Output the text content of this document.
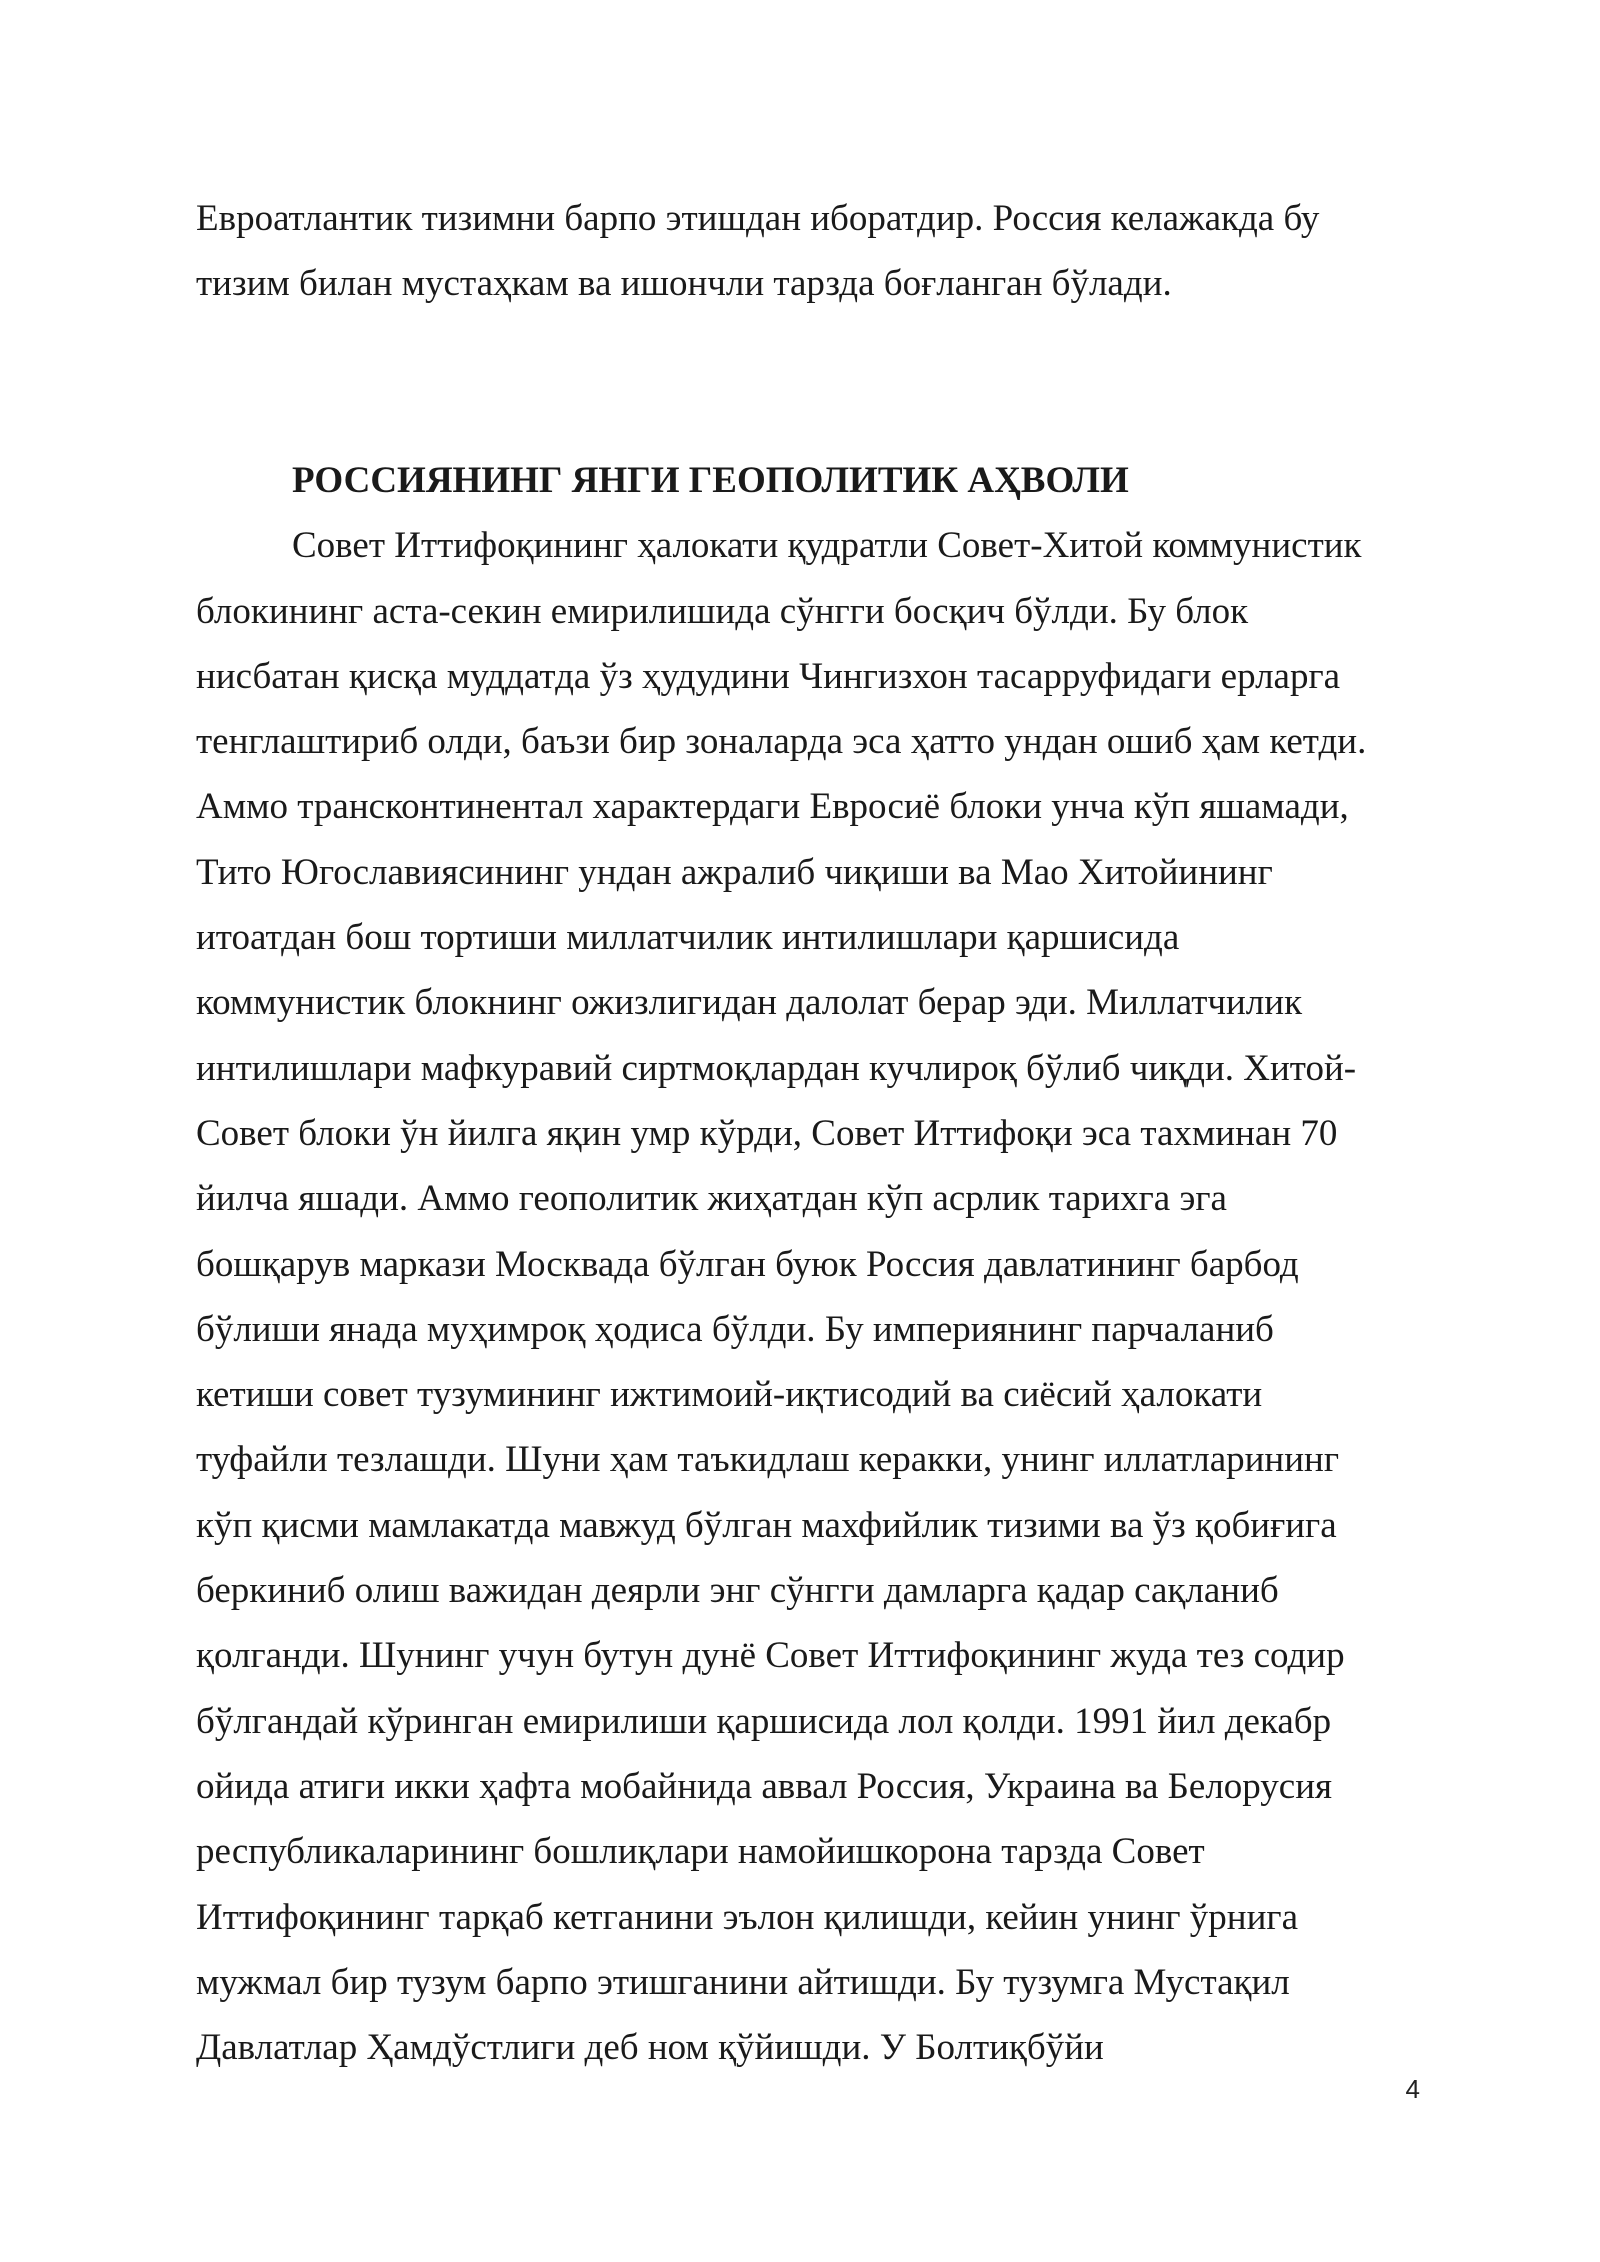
Евроатлантик тизимни барпо этишдан иборатдир. Россия келажакда бу
тизим билан мустаҳкам ва ишончли тарзда боғланган бўлади.
РОССИЯНИНГ ЯНГИ ГЕОПОЛИТИК АҲВОЛИ
Совет Иттифоқининг ҳалокати қудратли Совет-Хитой коммунистик
блокининг аста-секин емирилишида сўнгги босқич бўлди. Бу блок
нисбатан қисқа муддатда ўз ҳудудини Чингизхон тасарруфидаги ерларга
тенглаштириб олди, баъзи бир зоналарда эса ҳатто ундан ошиб ҳам кетди.
Аммо трансконтинентал характердаги Евросиё блоки унча кўп яшамади,
Тито Югославиясининг ундан ажралиб чиқиши ва Мао Хитойининг
итоатдан бош тортиши миллатчилик интилишлари қаршисида
коммунистик блокнинг ожизлигидан далолат берар эди. Миллатчилик
интилишлари мафкуравий сиртмоқлардан кучлироқ бўлиб чиқди. Хитой-
Совет блоки ўн йилга яқин умр кўрди, Совет Иттифоқи эса тахминан 70
йилча яшади. Аммо геополитик жиҳатдан кўп асрлик тарихга эга
бошқарув маркази Москвада бўлган буюк Россия давлатининг барбод
бўлиши янада муҳимроқ ҳодиса бўлди. Бу империянинг парчаланиб
кетиши совет тузумининг ижтимоий-иқтисодий ва сиёсий ҳалокати
туфайли тезлашди. Шуни ҳам таъкидлаш керакки, унинг иллатларининг
кўп қисми мамлакатда мавжуд бўлган махфийлик тизими ва ўз қобиғига
беркиниб олиш важидан деярли энг сўнгги дамларга қадар сақланиб
қолганди. Шунинг учун бутун дунё Совет Иттифоқининг жуда тез содир
бўлгандай кўринган емирилиши қаршисида лол қолди. 1991 йил декабр
ойида атиги икки ҳафта мобайнида аввал Россия, Украина ва Белорусия
республикаларининг бошлиқлари намойишкорона тарзда Совет
Иттифоқининг тарқаб кетганини эълон қилишди, кейин унинг ўрнига
мужмал бир тузум барпо этишганини айтишди. Бу тузумга Мустақил
Давлатлар Ҳамдўстлиги деб ном қўйишди. У Болтиқбўйи
4
